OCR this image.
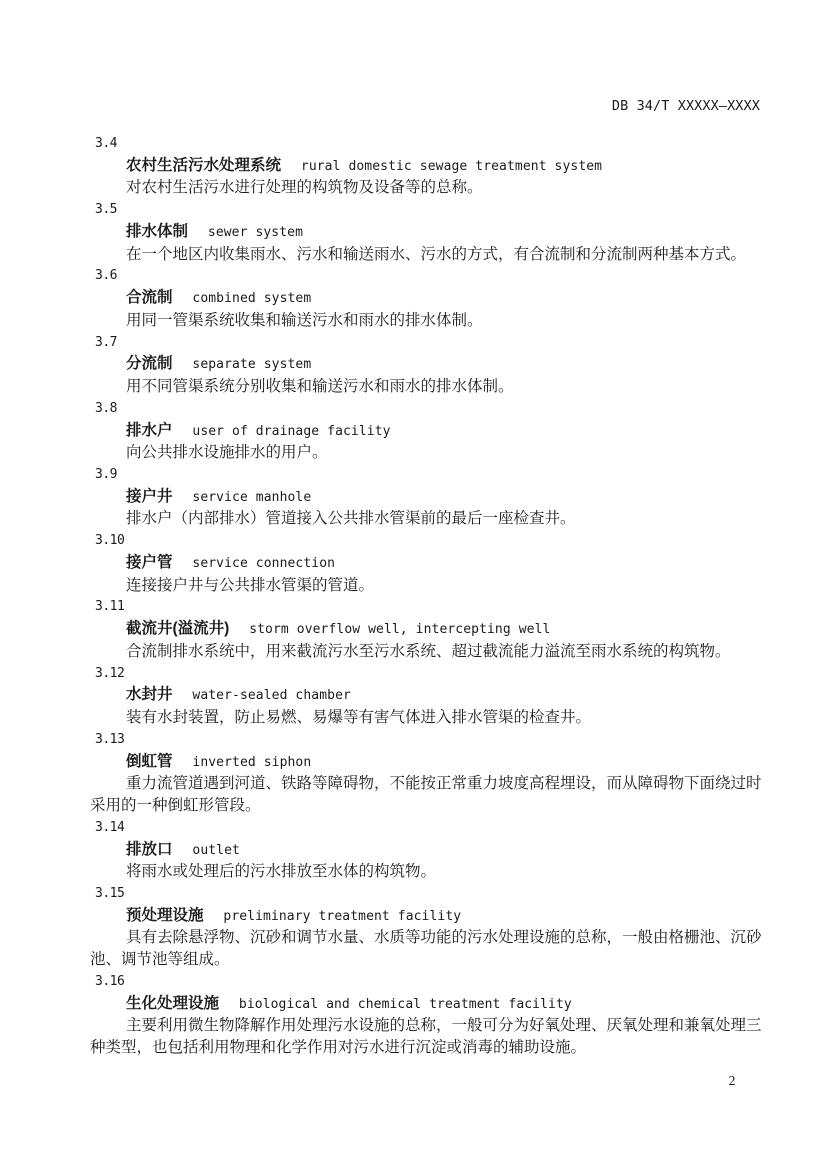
DB 34/T XXXXX—XXXX
3.4
农村生活污水处理系统 rural domestic sewage treatment system

对农村生活污水进行处理的构筑物及设备等的总称。

3.5
排水体制 sewer system

在一个地区内收集雨水、污水和输送雨水、污水的方式，有合流制和分流制两种基本方式。

3.6
合流制 combined system

用同一管渠系统收集和输送污水和雨水的排水体制。

3.7
分流制 separate system

用不同管渠系统分别收集和输送污水和雨水的排水体制。

3.8
排水户 user of drainage facility

向公共排水设施排水的用户。

3.9
接户井 service manhole

排水户（内部排水）管道接入公共排水管渠前的最后一座检查井。

3.10
接户管 service connection

连接接户井与公共排水管渠的管道。

3.11
截流井(溢流井) storm overflow well, intercepting well

合流制排水系统中，用来截流污水至污水系统、超过截流能力溢流至雨水系统的构筑物。

3.12
水封井 water-sealed chamber

装有水封装置，防止易燃、易爆等有害气体进入排水管渠的检查井。

3.13
倒虹管 inverted siphon

重力流管道遇到河道、铁路等障碍物，不能按正常重力坡度高程埋设，而从障碍物下面绕过时采用的一种倒虹形管段。

3.14
排放口 outlet

将雨水或处理后的污水排放至水体的构筑物。

3.15
预处理设施 preliminary treatment facility

具有去除悬浮物、沉砂和调节水量、水质等功能的污水处理设施的总称，一般由格栅池、沉砂池、调节池等组成。

3.16
生化处理设施 biological and chemical treatment facility

主要利用微生物降解作用处理污水设施的总称，一般可分为好氧处理、厌氧处理和兼氧处理三种类型，也包括利用物理和化学作用对污水进行沉淀或消毒的辅助设施。

2
